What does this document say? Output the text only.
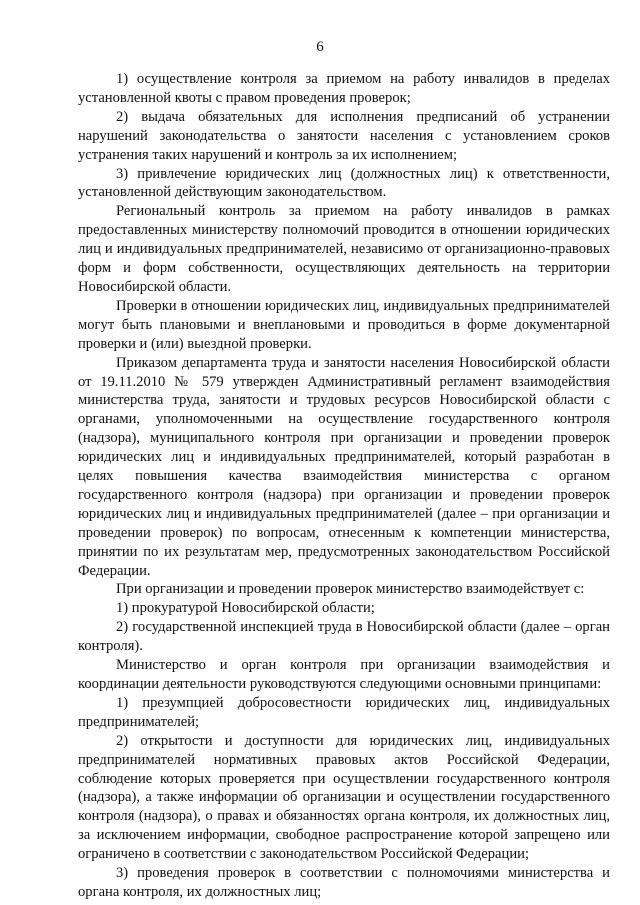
6

1) осуществление контроля за приемом на работу инвалидов в пределах установленной квоты с правом проведения проверок;

2) выдача обязательных для исполнения предписаний об устранении нарушений законодательства о занятости населения с установлением сроков устранения таких нарушений и контроль за их исполнением;

3) привлечение юридических лиц (должностных лиц) к ответственности, установленной действующим законодательством.

Региональный контроль за приемом на работу инвалидов в рамках предоставленных министерству полномочий проводится в отношении юридических лиц и индивидуальных предпринимателей, независимо от организационно-правовых форм и форм собственности, осуществляющих деятельность на территории Новосибирской области.

Проверки в отношении юридических лиц, индивидуальных предпринимателей могут быть плановыми и внеплановыми и проводиться в форме документарной проверки и (или) выездной проверки.

Приказом департамента труда и занятости населения Новосибирской области от 19.11.2010 № 579 утвержден Административный регламент взаимодействия министерства труда, занятости и трудовых ресурсов Новосибирской области с органами, уполномоченными на осуществление государственного контроля (надзора), муниципального контроля при организации и проведении проверок юридических лиц и индивидуальных предпринимателей, который разработан в целях повышения качества взаимодействия министерства с органом государственного контроля (надзора) при организации и проведении проверок юридических лиц и индивидуальных предпринимателей (далее – при организации и проведении проверок) по вопросам, отнесенным к компетенции министерства, принятии по их результатам мер, предусмотренных законодательством Российской Федерации.

При организации и проведении проверок министерство взаимодействует с:

1) прокуратурой Новосибирской области;

2) государственной инспекцией труда в Новосибирской области (далее – орган контроля).

Министерство и орган контроля при организации взаимодействия и координации деятельности руководствуются следующими основными принципами:

1) презумпцией добросовестности юридических лиц, индивидуальных предпринимателей;

2) открытости и доступности для юридических лиц, индивидуальных предпринимателей нормативных правовых актов Российской Федерации, соблюдение которых проверяется при осуществлении государственного контроля (надзора), а также информации об организации и осуществлении государственного контроля (надзора), о правах и обязанностях органа контроля, их должностных лиц, за исключением информации, свободное распространение которой запрещено или ограничено в соответствии с законодательством Российской Федерации;

3) проведения проверок в соответствии с полномочиями министерства и органа контроля, их должностных лиц;
